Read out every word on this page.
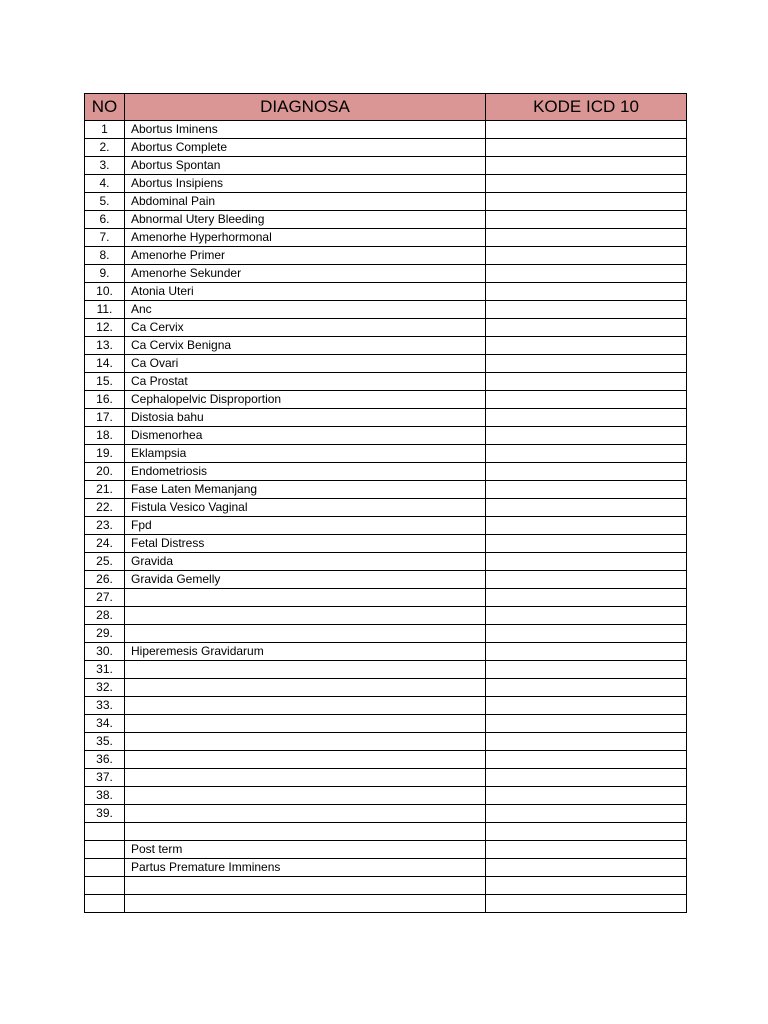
NO	DIAGNOSA	KODE ICD 10
1	Abortus Iminens	
2.	Abortus Complete	
3.	Abortus Spontan	
4.	Abortus Insipiens	
5.	Abdominal Pain	
6.	Abnormal Utery Bleeding	
7.	Amenorhe Hyperhormonal	
8.	Amenorhe Primer	
9.	Amenorhe Sekunder	
10.	Atonia Uteri	
11.	Anc	
12.	Ca Cervix	
13.	Ca Cervix Benigna	
14.	Ca Ovari	
15.	Ca Prostat	
16.	Cephalopelvic Disproportion	
17.	Distosia bahu	
18.	Dismenorhea	
19.	Eklampsia	
20.	Endometriosis	
21.	Fase Laten Memanjang	
22.	Fistula Vesico Vaginal	
23.	Fpd	
24.	Fetal Distress	
25.	Gravida	
26.	Gravida Gemelly	
27.		
28.		
29.		
30.	Hiperemesis Gravidarum	
31.		
32.		
33.		
34.		
35.		
36.		
37.		
38.		
39.		

	Post term	
	Partus Premature Imminens	
